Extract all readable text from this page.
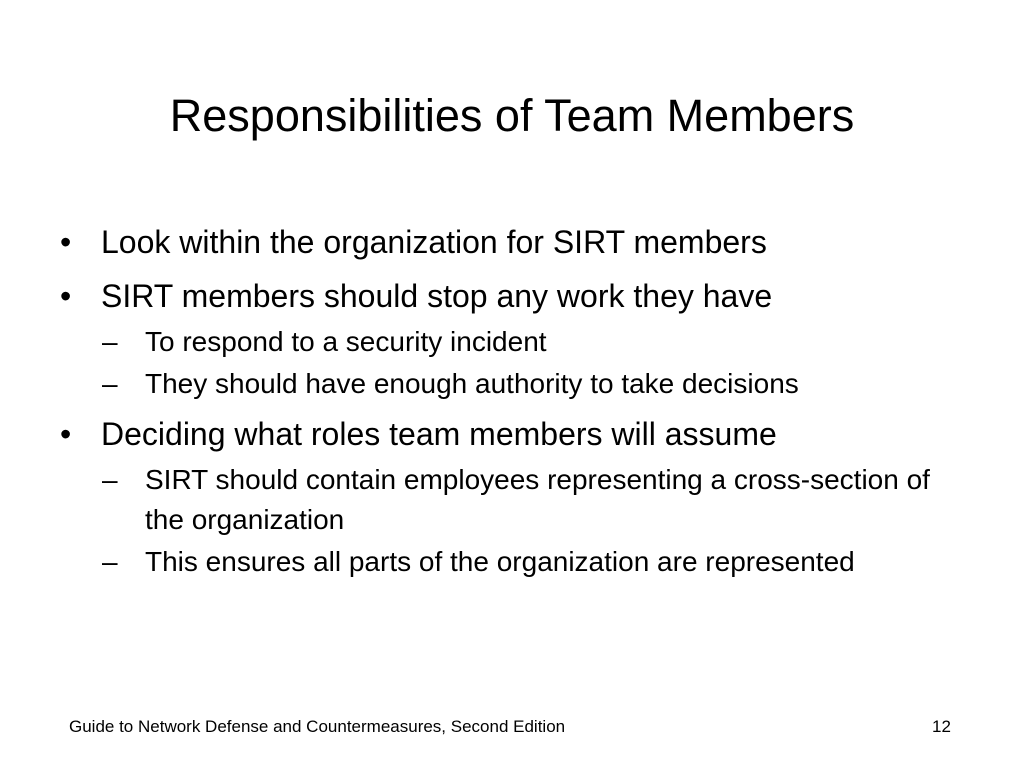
Responsibilities of Team Members
• Look within the organization for SIRT members
• SIRT members should stop any work they have
– To respond to a security incident
– They should have enough authority to take decisions
• Deciding what roles team members will assume
– SIRT should contain employees representing a cross-section of the organization
– This ensures all parts of the organization are represented
Guide to Network Defense and Countermeasures, Second Edition	12
